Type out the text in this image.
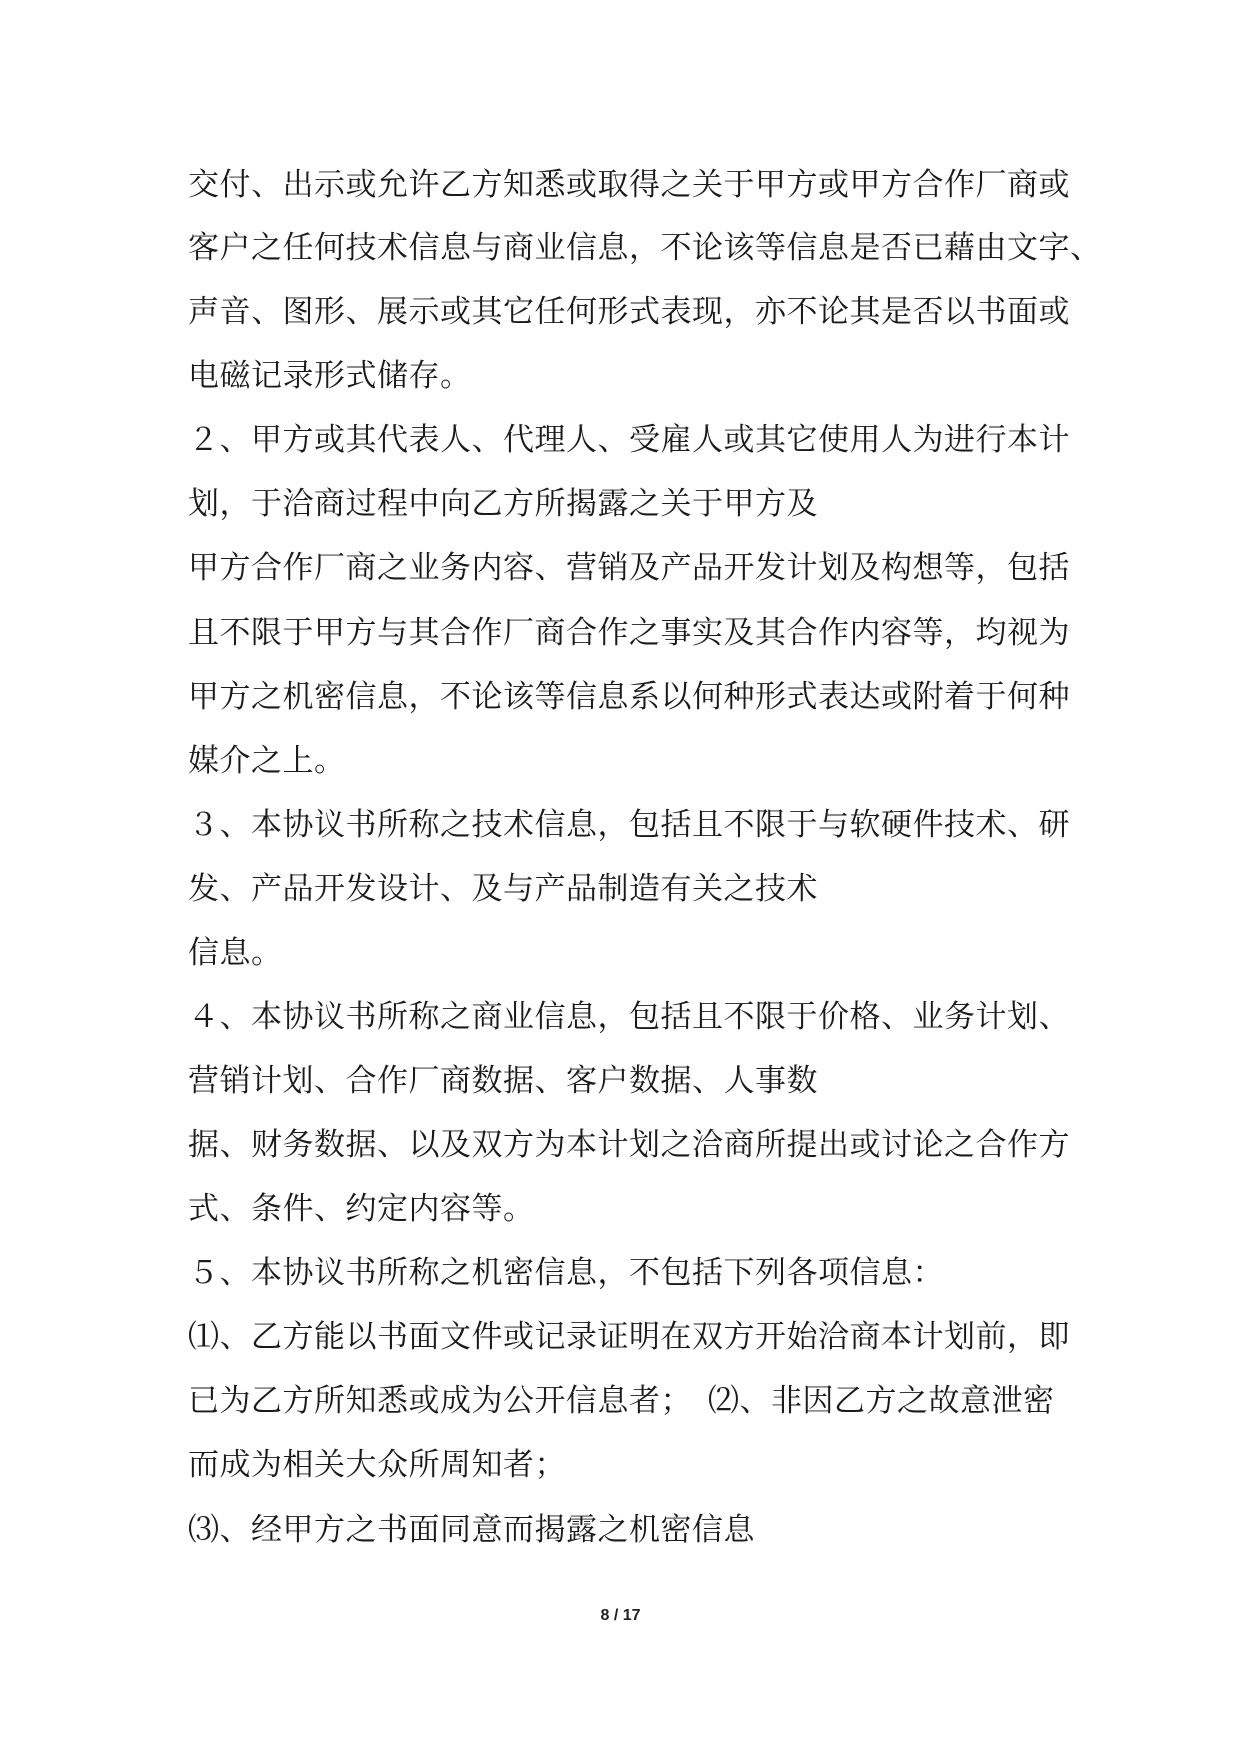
交付、出示或允许乙方知悉或取得之关于甲方或甲方合作厂商或
客户之任何技术信息与商业信息，不论该等信息是否已藉由文字、
声音、图形、展示或其它任何形式表现，亦不论其是否以书面或
电磁记录形式储存。
２、甲方或其代表人、代理人、受雇人或其它使用人为进行本计
划，于洽商过程中向乙方所揭露之关于甲方及
甲方合作厂商之业务内容、营销及产品开发计划及构想等，包括
且不限于甲方与其合作厂商合作之事实及其合作内容等，均视为
甲方之机密信息，不论该等信息系以何种形式表达或附着于何种
媒介之上。
３、本协议书所称之技术信息，包括且不限于与软硬件技术、研
发、产品开发设计、及与产品制造有关之技术
信息。
４、本协议书所称之商业信息，包括且不限于价格、业务计划、
营销计划、合作厂商数据、客户数据、人事数
据、财务数据、以及双方为本计划之洽商所提出或讨论之合作方
式、条件、约定内容等。
５、本协议书所称之机密信息，不包括下列各项信息：
⑴、乙方能以书面文件或记录证明在双方开始洽商本计划前，即
已为乙方所知悉或成为公开信息者；　⑵、非因乙方之故意泄密
而成为相关大众所周知者；
⑶、经甲方之书面同意而揭露之机密信息
8 / 17
